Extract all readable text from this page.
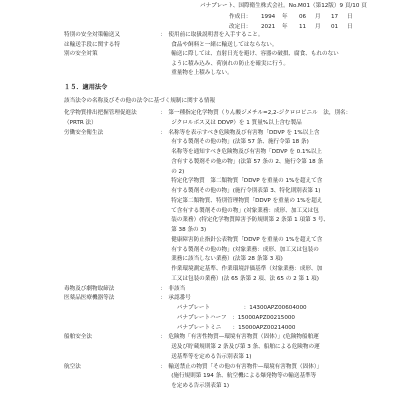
パナプレート、国際衛生株式会社。No.M01（第12版）9 頁/10 頁
作成日： 1994 年 06 月 17 日
改定日： 2021 年 11 月 01 日
特別の安全対策輸送又	：　使用前に取扱説明書を入手すること。
は輸送手段に関する特	　　食品や飼料と一緒に輸送してはならない。
別の安全対策	　　輸送に際しては、直射日光を避け、容器の破損、腐食、もれのない
　　ように積み込み、荷崩れの防止を確実に行う。
　　重量物を上積みしない。
１５．適用法令
該当法令の名称及びその他の法令に基づく規制に関する情報
化学物質排出把握管理促進法	：　第一種指定化学物質（りん酸ジメチル=2,2-ジクロロビニル　法，別名：
（PRTR 法）	　　ジクロルボス又は DDVP）を 1 質量%以上含む製品
労働安全衛生法	：　名称等を表示すべき危険物及び有害物「DDVP を 1%以上含
　　有する製剤その他の物」(法第 57 条、施行令第 18 条)
　　名称等を通知すべき危険物及び有害物「DDVP を 0.1%以上
　　含有する製剤その他の物」(法第 57 条の 2、施行令第 18 条
　　の 2)
　　特定化学物質　第二類物質「DDVP を重量の 1%を超えて含
　　有する製剤その他の物」(施行令別表第 3、特化則別表第 1)
　　特定第二類物質、特別管理物質「DDVP を重量の 1%を超え
　　て含有する製剤その他の物」(対象業務：成形、加工又は包
　　装の業務）(特定化学物質障害予防規則第 2 条第 1 項第 3 号、
　　第 38 条の 3)
　　健康障害防止指針公表物質「DDVP を重量の 1%を超えて含
　　有する製剤その他の物」(対象業務：成形、加工又は包装の
　　業務に該当しない業務）(法第 28 条第 3 項)
　　作業環境測定基準、作業環境評価基準（対象業務：成形、加
　　工又は包装の業務）(法 65 条第 2 項、法 65 の 2 第 1 項)
毒物及び劇物取締法	：　非該当
医薬品医療機器等法	：　承認番号
　　　パナプレート　　　　　　：14300APZ00604000
　　　パナプレートハーフ　：15000APZ00215000
　　　パナプレートミニ　　：15000APZ00214000
船舶安全法	：　危険物「有害性物質—環境有害物質（固体）」(危険物船舶運
　　送及び貯蔵規則第 2 条及び第 3 条、船舶による危険物の運
　　送基準等を定める告示別表第 1)
航空法	：　輸送禁止の物質「その他の有害物件—環境有害物質（固体）」
　　(施行規則第 194 条、航空機による爆発物等の輸送基準等
　　を定める告示別表第 1)
